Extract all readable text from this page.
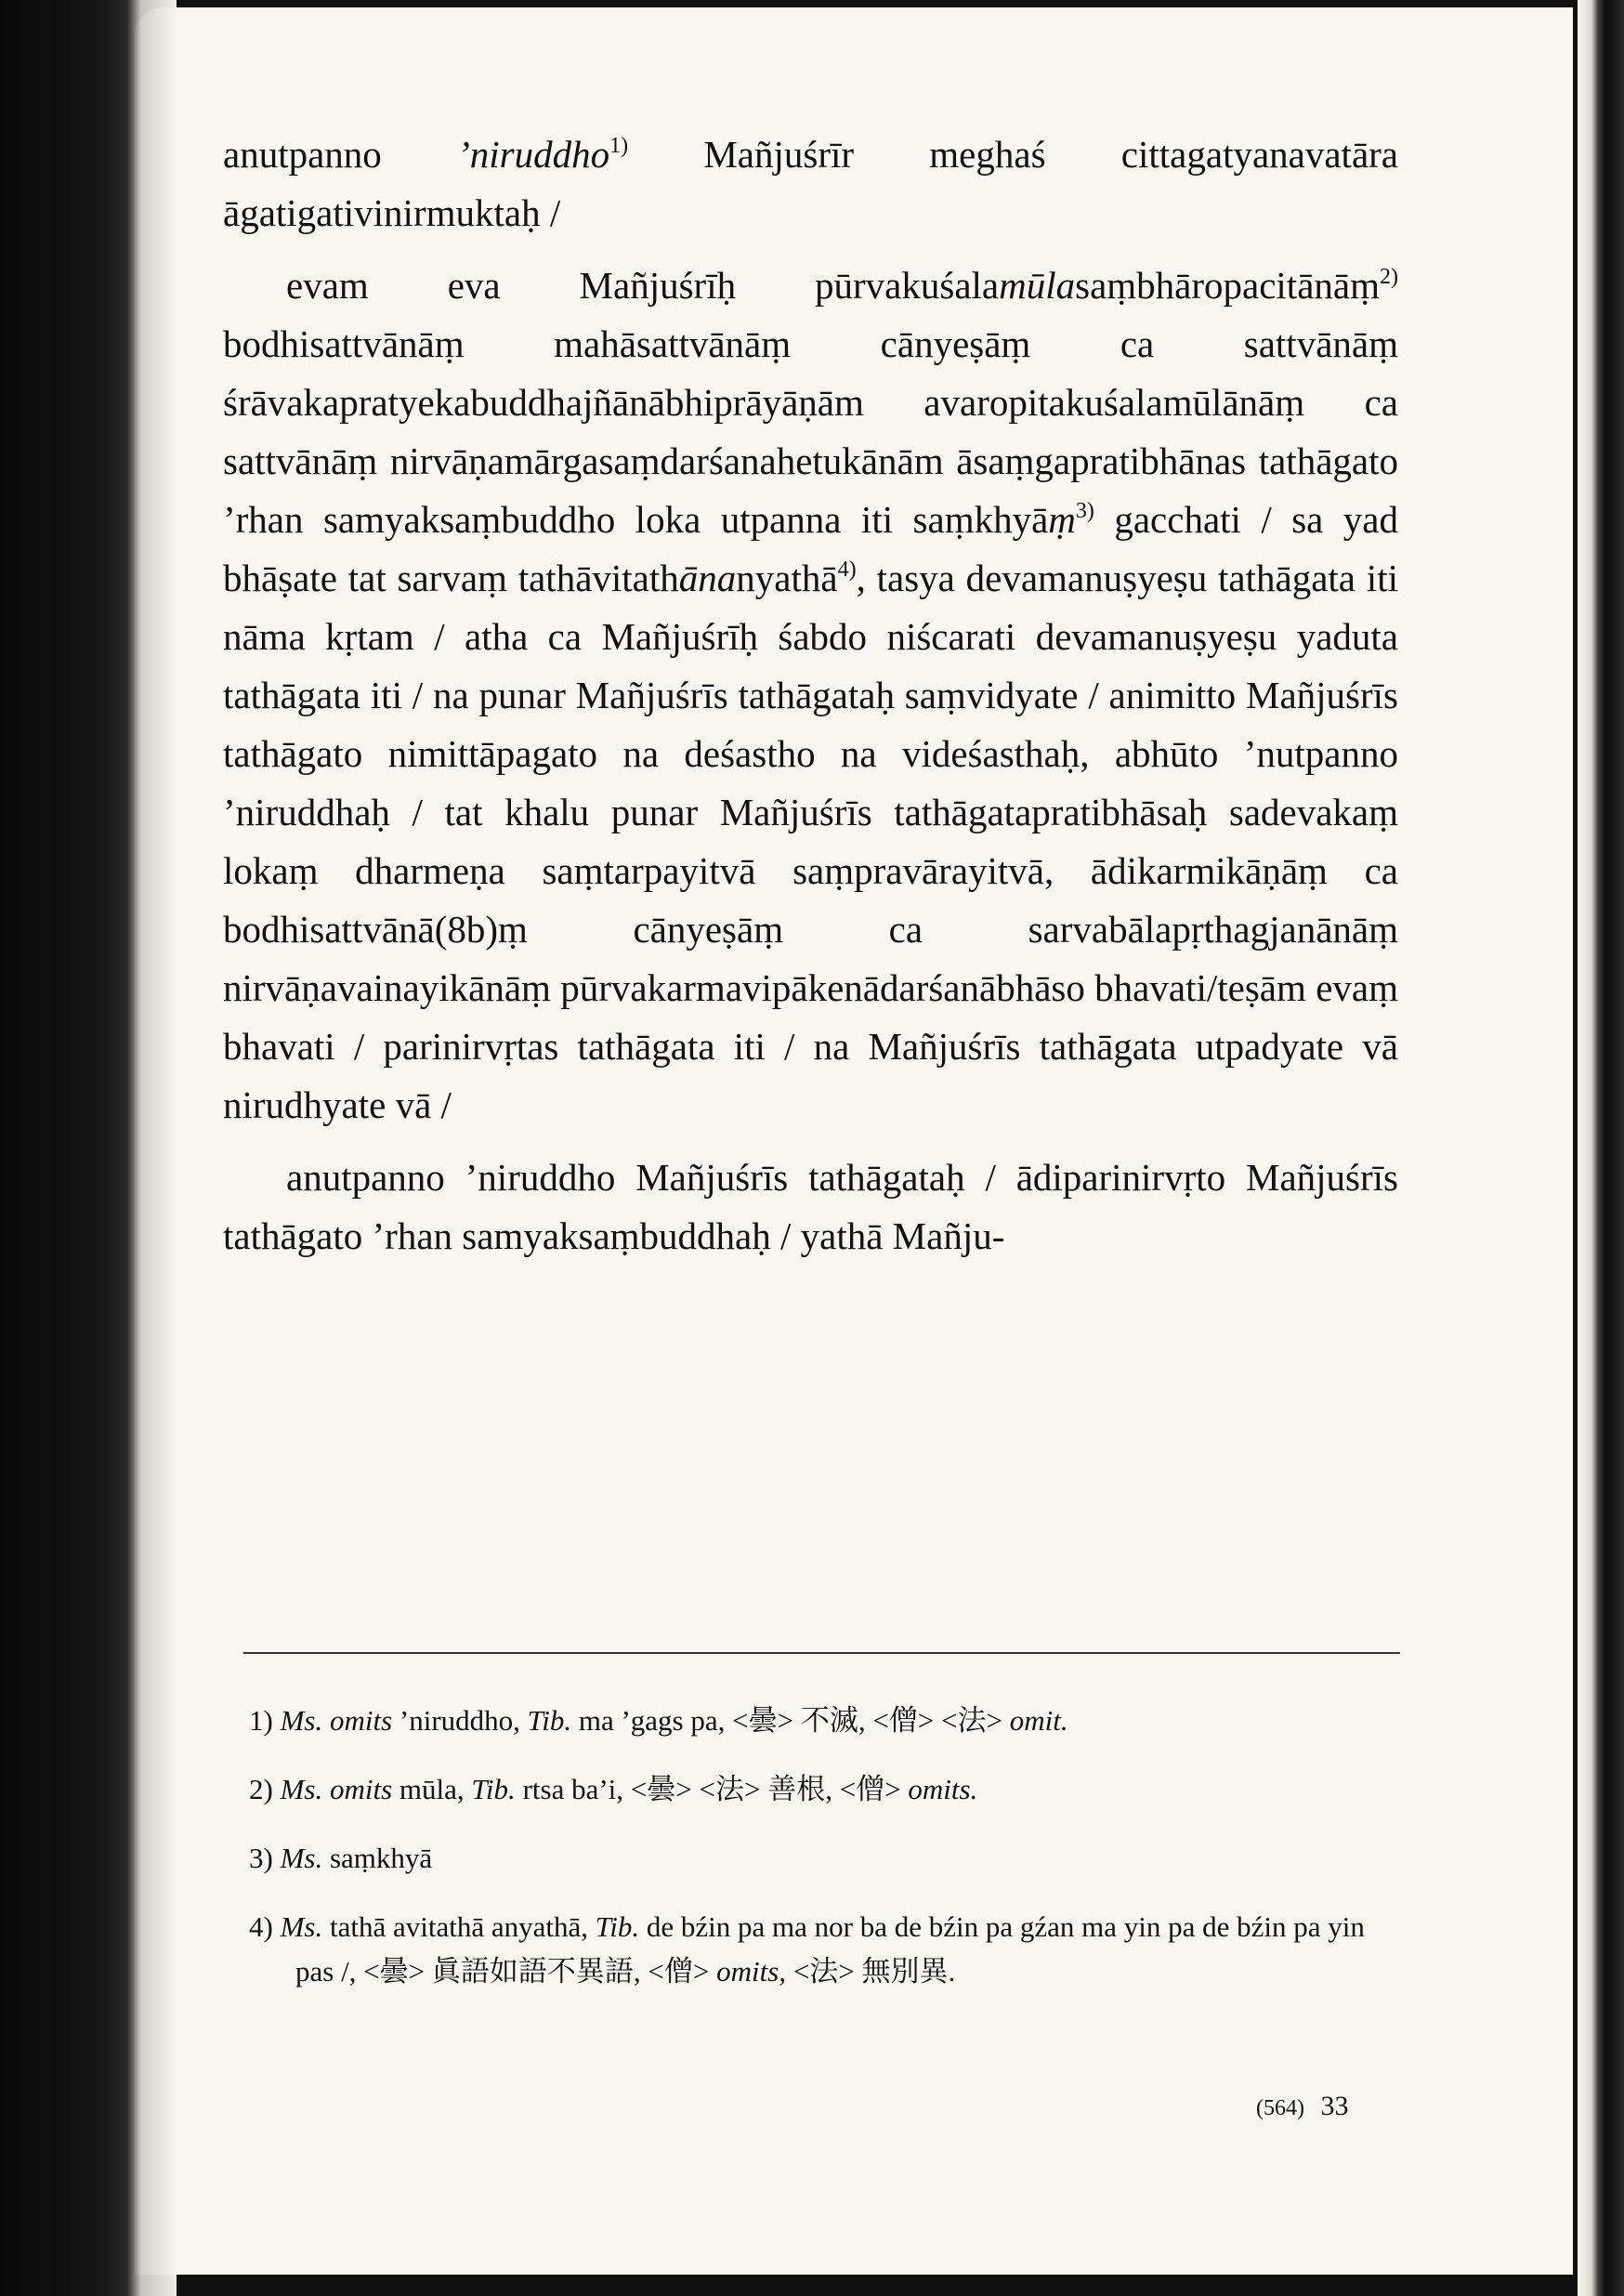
anutpanno ’niruddho$^{1)}$ Mañjuśrīr meghaś cittagatyanavatāra āgatigativinirmuktaḥ /

evam eva Mañjuśrīḥ pūrvakuśalamūlasaṃbhāropacitānāṃ$^{2)}$ bodhisattvānāṃ mahāsattvānāṃ cānyeṣāṃ ca sattvānāṃ śrāvakapratyekabuddhajñānābhiprāyāṇām avaropitakuśalamūlānāṃ ca sattvānāṃ nirvāṇamārgasaṃdarśanahetukānām āsaṃgapratibhānas tathāgato ’rhan samyaksaṃbuddho loka utpanna iti saṃkhyāṃ$^{3)}$ gacchati / sa yad bhāṣate tat sarvaṃ tathāvitathānanyathā$^{4)}$, tasya devamanuṣyeṣu tathāgata iti nāma kṛtam / atha ca Mañjuśrīḥ śabdo niścarati devamanuṣyeṣu yaduta tathāgata iti / na punar Mañjuśrīs tathāgataḥ saṃvidyate / animitto Mañjuśrīs tathāgato nimittāpagato na deśastho na videśasthaḥ, abhūto ’nutpanno ’niruddhaḥ / tat khalu punar Mañjuśrīs tathāgatapratibhāsaḥ sadevakaṃ lokaṃ dharmeṇa saṃtarpayitvā saṃpravārayitvā, ādikarmikāṇāṃ ca bodhisattvānā(8b)ṃ cānyeṣāṃ ca sarvabālapṛthagjanānāṃ nirvāṇavainayikānāṃ pūrvakarmavipākenādarśanābhāso bhavati/teṣām evaṃ bhavati / parinirvṛtas tathāgata iti / na Mañjuśrīs tathāgata utpadyate vā nirudhyate vā /

anutpanno ’niruddho Mañjuśrīs tathāgataḥ / ādiparinirvṛto Mañjuśrīs tathāgato ’rhan samyaksaṃbuddhaḥ / yathā Mañju-

1) Ms. omits ’niruddho, Tib. ma ’gags pa, <曇> 不滅, <僧> <法> omit.
2) Ms. omits mūla, Tib. rtsa ba’i, <曇> <法> 善根, <僧> omits.
3) Ms. saṃkhyā
4) Ms. tathā avitathā anyathā, Tib. de bźin pa ma nor ba de bźin pa gźan ma yin pa de bźin pa yin pas /, <曇> 眞語如語不異語, <僧> omits, <法> 無別異.
(564) 33
